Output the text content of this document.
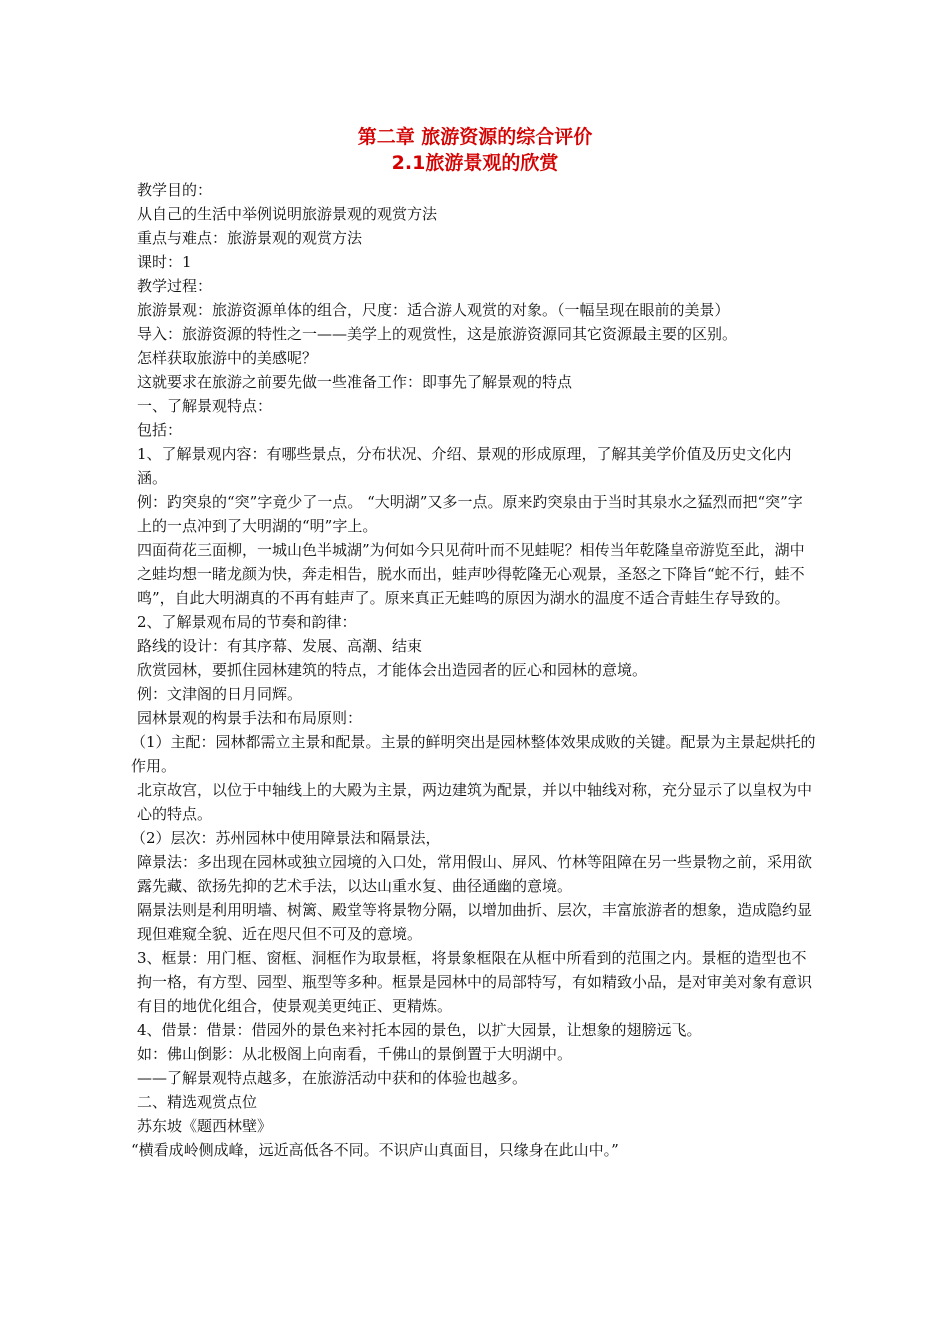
第二章 旅游资源的综合评价
2.1旅游景观的欣赏

教学目的：

从自己的生活中举例说明旅游景观的观赏方法

重点与难点：旅游景观的观赏方法

课时：1

教学过程：

旅游景观：旅游资源单体的组合，尺度：适合游人观赏的对象。（一幅呈现在眼前的美景）

导入：旅游资源的特性之一——美学上的观赏性，这是旅游资源同其它资源最主要的区别。

怎样获取旅游中的美感呢？

这就要求在旅游之前要先做一些准备工作：即事先了解景观的特点

一、了解景观特点：

包括：

1、了解景观内容：有哪些景点，分布状况、介绍、景观的形成原理，了解其美学价值及历史文化内涵。

例：趵突泉的“突”字竟少了一点。 “大明湖”又多一点。原来趵突泉由于当时其泉水之猛烈而把“突”字上的一点冲到了大明湖的“明”字上。

四面荷花三面柳，一城山色半城湖”为何如今只见荷叶而不见蛙呢？相传当年乾隆皇帝游览至此，湖中之蛙均想一睹龙颜为快，奔走相告，脱水而出，蛙声吵得乾隆无心观景，圣怒之下降旨“蛇不行，蛙不鸣”，自此大明湖真的不再有蛙声了。原来真正无蛙鸣的原因为湖水的温度不适合青蛙生存导致的。

2、了解景观布局的节奏和韵律：

路线的设计：有其序幕、发展、高潮、结束

欣赏园林，要抓住园林建筑的特点，才能体会出造园者的匠心和园林的意境。

例：文津阁的日月同辉。

园林景观的构景手法和布局原则：

（1）主配：园林都需立主景和配景。主景的鲜明突出是园林整体效果成败的关键。配景为主景起烘托的作用。

北京故宫，以位于中轴线上的大殿为主景，两边建筑为配景，并以中轴线对称，充分显示了以皇权为中心的特点。

（2）层次：苏州园林中使用障景法和隔景法，

障景法：多出现在园林或独立园境的入口处，常用假山、屏风、竹林等阻障在另一些景物之前，采用欲露先藏、欲扬先抑的艺术手法，以达山重水复、曲径通幽的意境。

隔景法则是利用明墙、树篱、殿堂等将景物分隔，以增加曲折、层次，丰富旅游者的想象，造成隐约显现但难窥全貌、近在咫尺但不可及的意境。

3、框景：用门框、窗框、洞框作为取景框，将景象框限在从框中所看到的范围之内。景框的造型也不拘一格，有方型、园型、瓶型等多种。框景是园林中的局部特写，有如精致小品，是对审美对象有意识有目的地优化组合，使景观美更纯正、更精炼。

4、借景：借景：借园外的景色来衬托本园的景色，以扩大园景，让想象的翅膀远飞。

如：佛山倒影：从北极阁上向南看，千佛山的景倒置于大明湖中。

——了解景观特点越多，在旅游活动中获和的体验也越多。

二、精选观赏点位

苏东坡《题西林壁》

“横看成岭侧成峰，远近高低各不同。不识庐山真面目，只缘身在此山中。”
